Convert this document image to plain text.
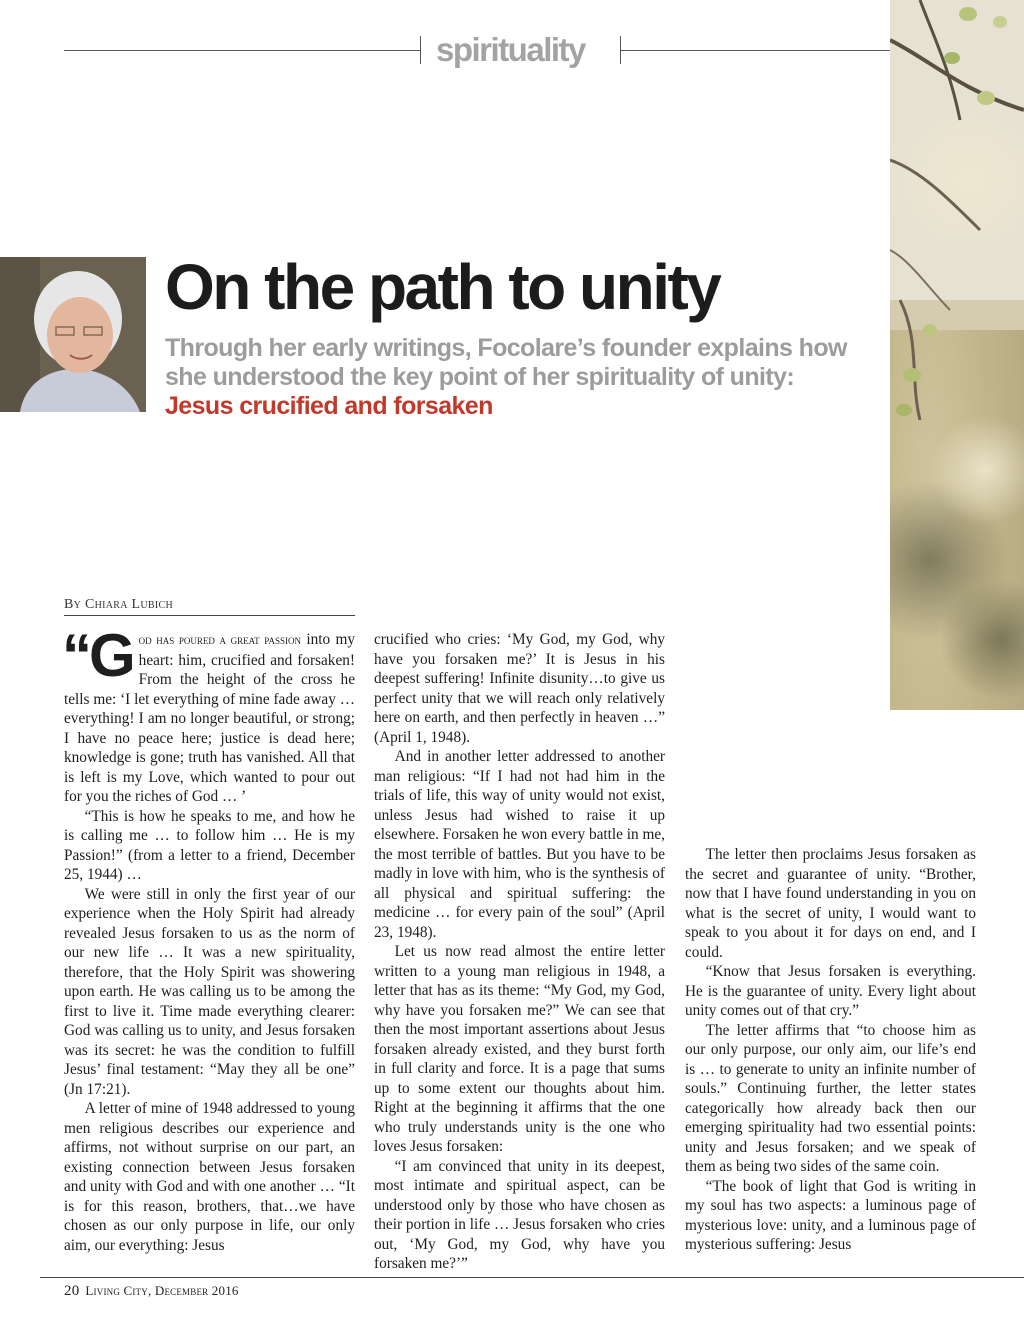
spirituality
On the path to unity
Through her early writings, Focolare’s founder explains how she understood the key point of her spirituality of unity: Jesus crucified and forsaken
By Chiara Lubich

“God has poured a great passion into my heart: him, crucified and forsaken! From the height of the cross he tells me: ‘I let everything of mine fade away … everything! I am no longer beautiful, or strong; I have no peace here; justice is dead here; knowledge is gone; truth has vanished. All that is left is my Love, which wanted to pour out for you the riches of God … ’

“This is how he speaks to me, and how he is calling me … to follow him … He is my Passion!” (from a letter to a friend, December 25, 1944) …

We were still in only the first year of our experience when the Holy Spirit had already revealed Jesus forsaken to us as the norm of our new life … It was a new spirituality, therefore, that the Holy Spirit was showering upon earth. He was calling us to be among the first to live it. Time made everything clearer: God was calling us to unity, and Jesus forsaken was its secret: he was the condition to fulfill Jesus’ final testament: “May they all be one” (Jn 17:21).

A letter of mine of 1948 addressed to young men religious describes our experience and affirms, not without surprise on our part, an existing connection between Jesus forsaken and unity with God and with one another … “It is for this reason, brothers, that…we have chosen as our only purpose in life, our only aim, our everything: Jesus

crucified who cries: ‘My God, my God, why have you forsaken me?’ It is Jesus in his deepest suffering! Infinite disunity…to give us perfect unity that we will reach only relatively here on earth, and then perfectly in heaven …” (April 1, 1948).

And in another letter addressed to another man religious: “If I had not had him in the trials of life, this way of unity would not exist, unless Jesus had wished to raise it up elsewhere. Forsaken he won every battle in me, the most terrible of battles. But you have to be madly in love with him, who is the synthesis of all physical and spiritual suffering: the medicine … for every pain of the soul” (April 23, 1948).

Let us now read almost the entire letter written to a young man religious in 1948, a letter that has as its theme: “My God, my God, why have you forsaken me?” We can see that then the most important assertions about Jesus forsaken already existed, and they burst forth in full clarity and force. It is a page that sums up to some extent our thoughts about him. Right at the beginning it affirms that the one who truly understands unity is the one who loves Jesus forsaken:

“I am convinced that unity in its deepest, most intimate and spiritual aspect, can be understood only by those who have chosen as their portion in life … Jesus forsaken who cries out, ‘My God, my God, why have you forsaken me?’”

The letter then proclaims Jesus forsaken as the secret and guarantee of unity. “Brother, now that I have found understanding in you on what is the secret of unity, I would want to speak to you about it for days on end, and I could.

“Know that Jesus forsaken is everything. He is the guarantee of unity. Every light about unity comes out of that cry.”

The letter affirms that “to choose him as our only purpose, our only aim, our life’s end is … to generate to unity an infinite number of souls.” Continuing further, the letter states categorically how already back then our emerging spirituality had two essential points: unity and Jesus forsaken; and we speak of them as being two sides of the same coin.

“The book of light that God is writing in my soul has two aspects: a luminous page of mysterious love: unity, and a luminous page of mysterious suffering: Jesus

20 Living City, December 2016
